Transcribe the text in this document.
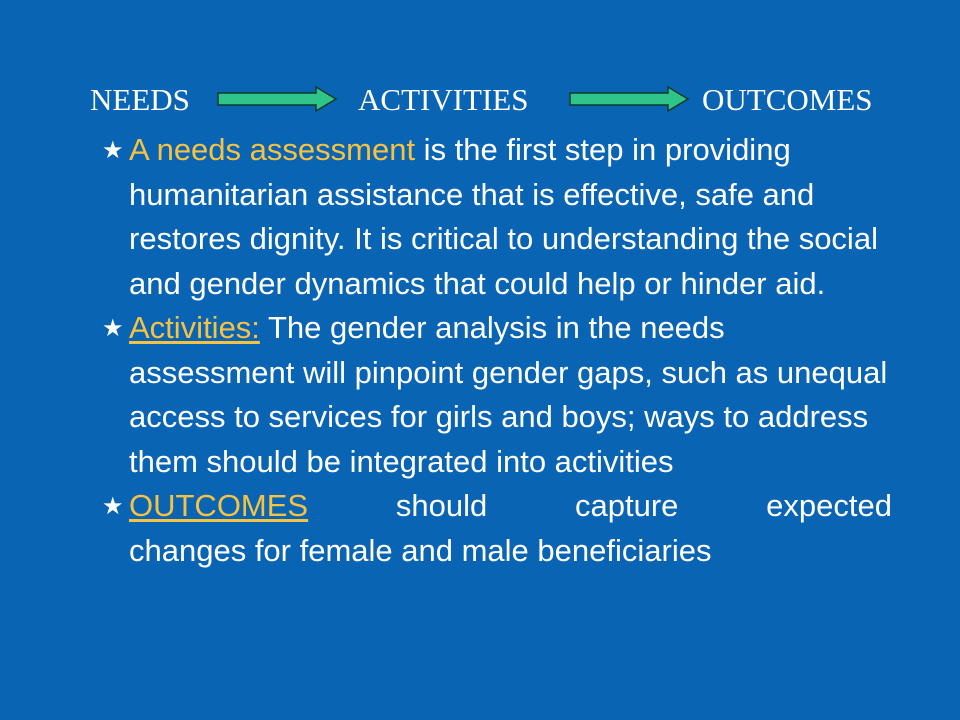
NEEDS	ACTIVITIES	OUTCOMES
★ A needs assessment is the first step in providing humanitarian assistance that is effective, safe and restores dignity. It is critical to understanding the social and gender dynamics that could help or hinder aid.
★ Activities: The gender analysis in the needs assessment will pinpoint gender gaps, such as unequal access to services for girls and boys; ways to address them should be integrated into activities
★ OUTCOMES should capture expected
changes for female and male beneficiaries
